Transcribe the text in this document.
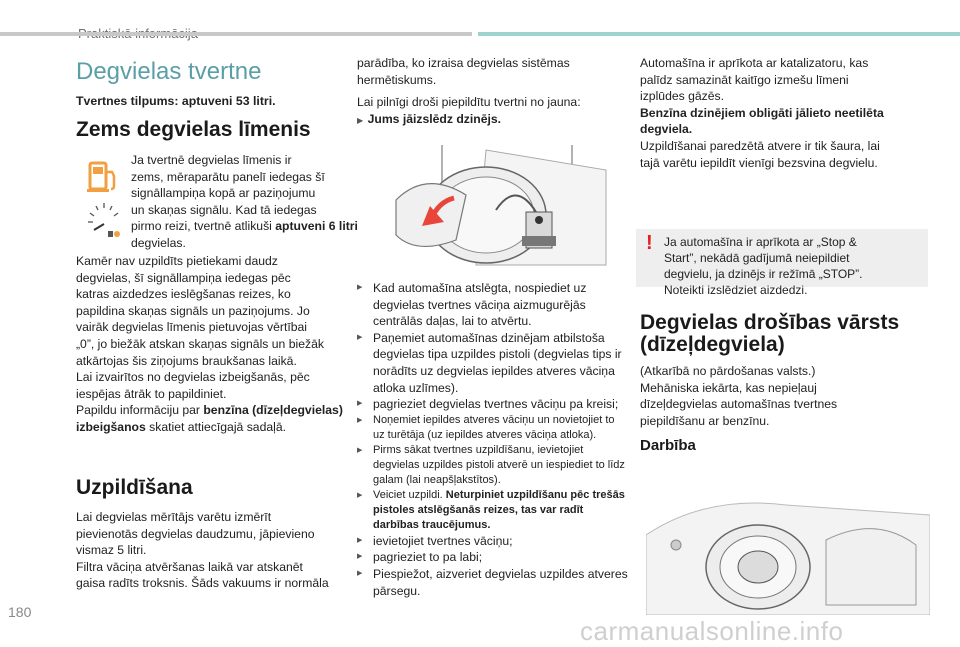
Degvielas tvertne
Tvertnes tilpums: aptuveni 53 litri.
Zems degvielas līmenis
Ja tvertnē degvielas līmenis ir
zems, mēraparātu panelī iedegas šī
signāllampiņa kopā ar paziņojumu
un skaņas signālu. Kad tā iedegas
pirmo reizi, tvertnē atlikuši aptuveni 6 litri degvielas.
Kamēr nav uzpildīts pietiekami daudz
degvielas, šī signāllampiņa iedegas pēc
katras aizdedzes ieslēgšanas reizes, ko
papildina skaņas signāls un paziņojums. Jo
vairāk degvielas līmenis pietuvojas vērtībai
„0”, jo biežāk atskan skaņas signāls un biežāk
atkārtojas šis ziņojums braukšanas laikā.
Lai izvairītos no degvielas izbeigšanās, pēc
iespējas ātrāk to papildiniet.
Papildu informāciju par benzīna (dīzeļdegvielas) izbeigšanos skatiet attiecīgajā sadaļā.
Uzpildīšana
Lai degvielas mērītājs varētu izmērīt
pievienotās degvielas daudzumu, jāpievieno
vismaz 5 litri.
Filtra vāciņa atvēršanas laikā var atskanēt
gaisa radīts troksnis. Šāds vakuums ir normāla
parādība, ko izraisa degvielas sistēmas
hermētiskums.
Lai pilnīgi droši piepildītu tvertni no jauna:
▶  Jums jāizslēdz dzinējs.
▶ Kad automašīna atslēgta, nospiediet uz degvielas tvertnes vāciņa aizmugurējās centrālās daļas, lai to atvērtu.
▶ Paņemiet automašīnas dzinējam atbilstoša degvielas tipa uzpildes pistoli (degvielas tips ir norādīts uz degvielas iepildes atveres vāciņa atloka uzlīmes).
▶ pagrieziet degvielas tvertnes vāciņu pa kreisi;
▶ Noņemiet iepildes atveres vāciņu un novietojiet to uz turētāja (uz iepildes atveres vāciņa atloka).
▶ Pirms sākat tvertnes uzpildīšanu, ievietojiet degvielas uzpildes pistoli atverē un iespiediet to līdz galam (lai neapšļakstītos).
▶ Veiciet uzpildi. Neturpiniet uzpildīšanu pēc trešās pistoles atslēgšanās reizes, tas var radīt darbības traucējumus.
▶ ievietojiet tvertnes vāciņu;
▶ pagrieziet to pa labi;
▶ Piespiežot, aizveriet degvielas uzpildes atveres pārsegu.
Automašīna ir aprīkota ar katalizatoru, kas
palīdz samazināt kaitīgo izmešu līmeni
izplūdes gāzēs.
Benzīna dzinējiem obligāti jālieto neetilēta
degviela.
Uzpildīšanai paredzētā atvere ir tik šaura, lai
tajā varētu iepildīt vienīgi bezsvina degvielu.
! Ja automašīna ir aprīkota ar „Stop &
Start”, nekādā gadījumā neiepildiet
degvielu, ja dzinējs ir režīmā „STOP”.
Noteikti izslēdziet aizdedzi.
Degvielas drošības vārsts
(dīzeļdegviela)
(Atkarībā no pārdošanas valsts.)
Mehāniska iekārta, kas nepieļauj
dīzeļdegvielas automašīnas tvertnes
piepildīšanu ar benzīnu.
Darbība
180
carmanualsonline.info
